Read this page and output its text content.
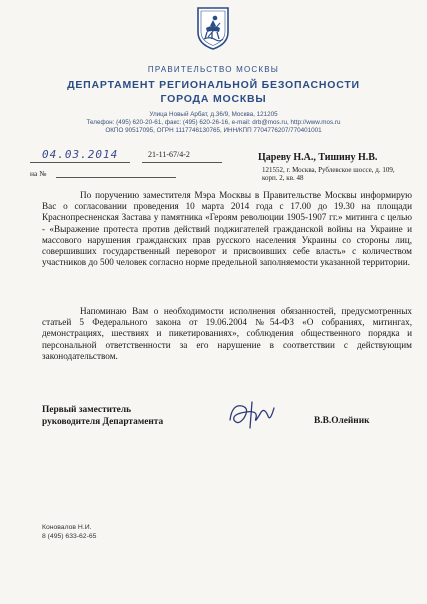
ПРАВИТЕЛЬСТВО МОСКВЫ
ДЕПАРТАМЕНТ РЕГИОНАЛЬНОЙ БЕЗОПАСНОСТИ
ГОРОДА МОСКВЫ
Улица Новый Арбат, д.36/9, Москва, 121205
Телефон: (495) 620-20-61, факс: (495) 620-26-16, e-mail: drb@mos.ru, http://www.mos.ru
ОКПО 90517095, ОГРН 1117746130765, ИНН/КПП 7704776207/770401001
04.03.2014	21-11-67/4-2
на №
Цареву Н.А., Тишину Н.В.
121552, г. Москва, Рублевское шоссе, д. 109, корп. 2, кв. 48
По поручению заместителя Мэра Москвы в Правительстве Москвы информирую Вас о согласовании проведения 10 марта 2014 года с 17.00 до 19.30 на площади Краснопресненская Застава у памятника «Героям революции 1905-1907 гг.» митинга с целью - «Выражение протеста против действий поджигателей гражданской войны на Украине и массового нарушения гражданских прав русского населения Украины со стороны лиц, совершивших государственный переворот и присвоивших себе власть» с количеством участников до 500 человек согласно норме предельной заполняемости указанной территории.
Напоминаю Вам о необходимости исполнения обязанностей, предусмотренных статьей 5 Федерального закона от 19.06.2004 №54-ФЗ «О собраниях, митингах, демонстрациях, шествиях и пикетированиях», соблюдения общественного порядка и персональной ответственности за его нарушение в соответствии с действующим законодательством.
Первый заместитель
руководителя Департамента	В.В.Олейник
Коновалов Н.И.
8 (495) 633-62-65
